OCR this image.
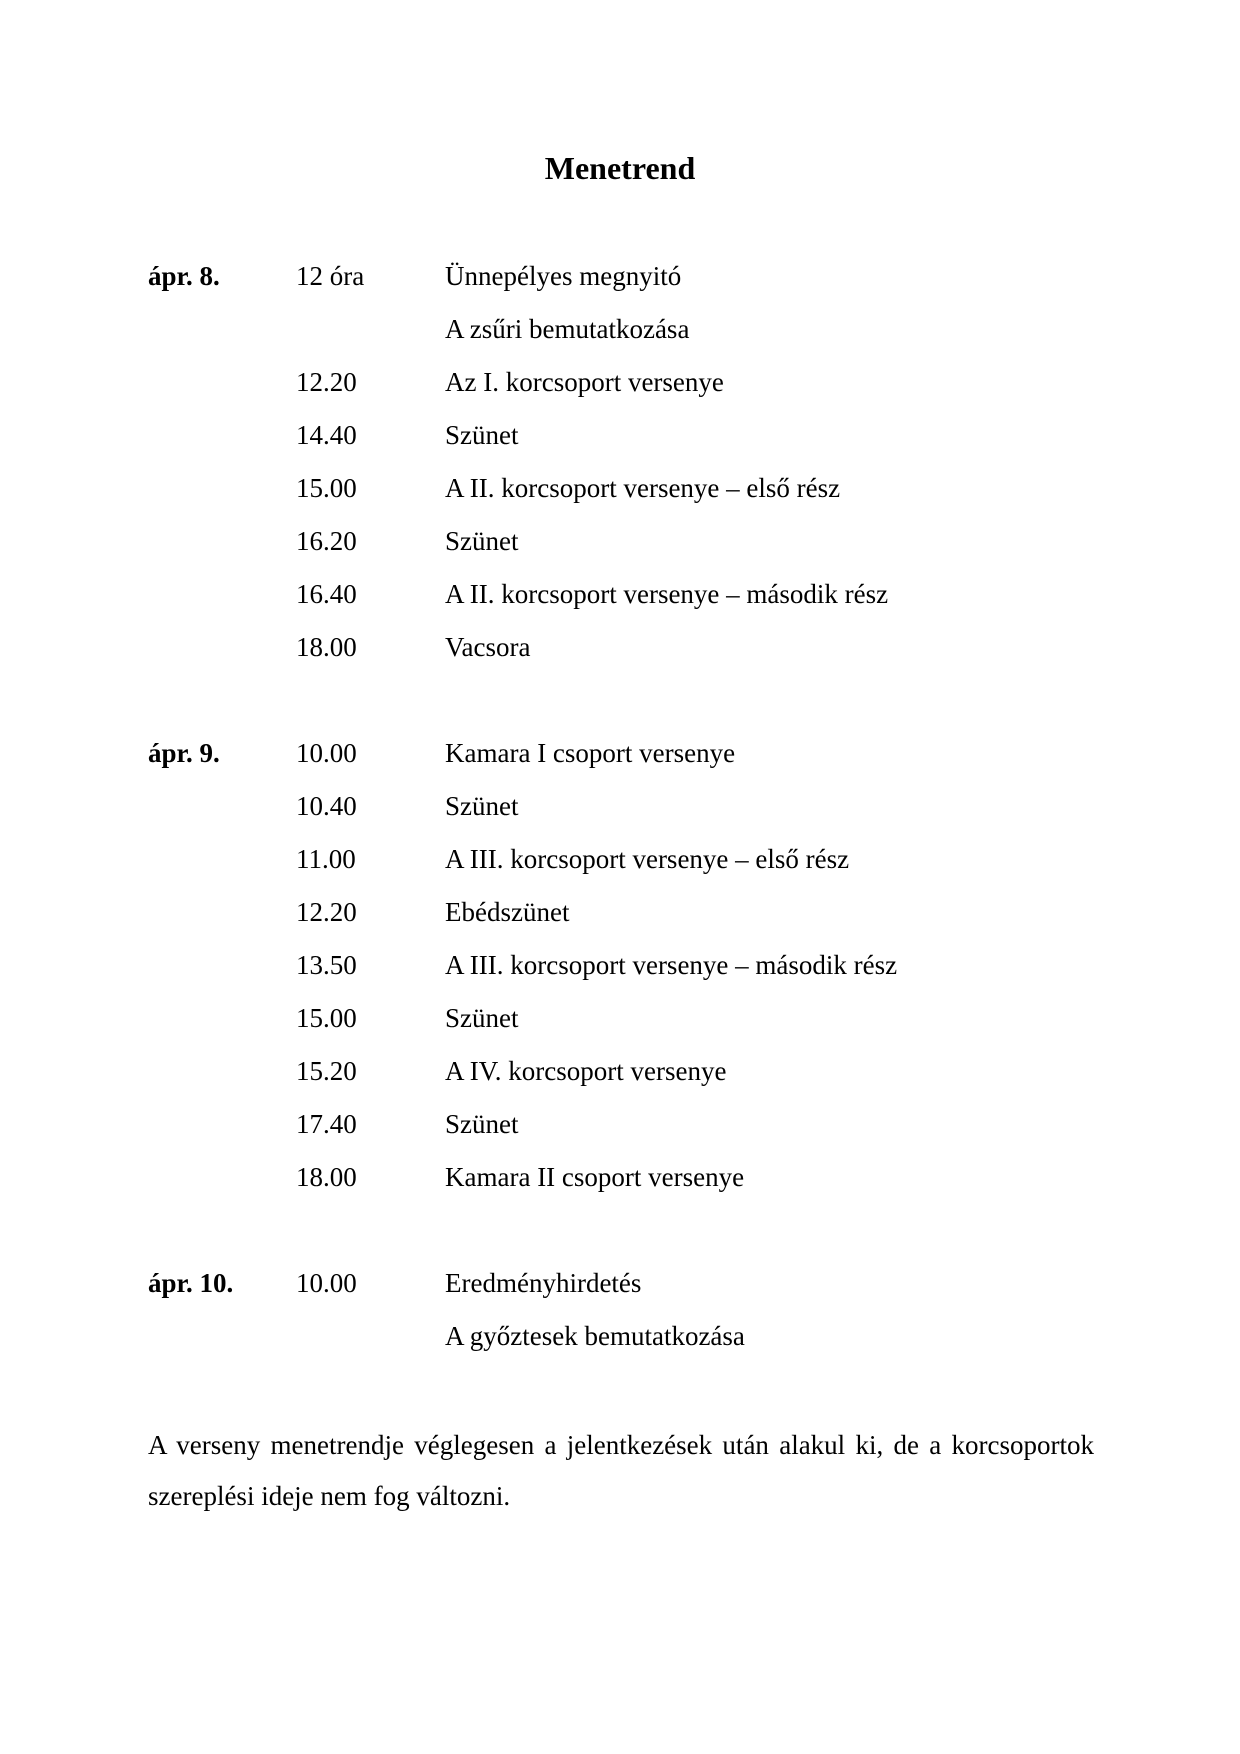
Menetrend
ápr. 8.	12 óra	Ünnepélyes megnyitó
A zsűri bemutatkozása
12.20	Az I. korcsoport versenye
14.40	Szünet
15.00	A II. korcsoport versenye – első rész
16.20	Szünet
16.40	A II. korcsoport versenye – második rész
18.00	Vacsora
ápr. 9.	10.00	Kamara I csoport versenye
10.40	Szünet
11.00	A III. korcsoport versenye – első rész
12.20	Ebédszünet
13.50	A III. korcsoport versenye – második rész
15.00	Szünet
15.20	A IV. korcsoport versenye
17.40	Szünet
18.00	Kamara II csoport versenye
ápr. 10. 10.00	Eredményhirdetés
A győztesek bemutatkozása
A verseny menetrendje véglegesen a jelentkezések után alakul ki, de a korcsoportok szereplési ideje nem fog változni.
